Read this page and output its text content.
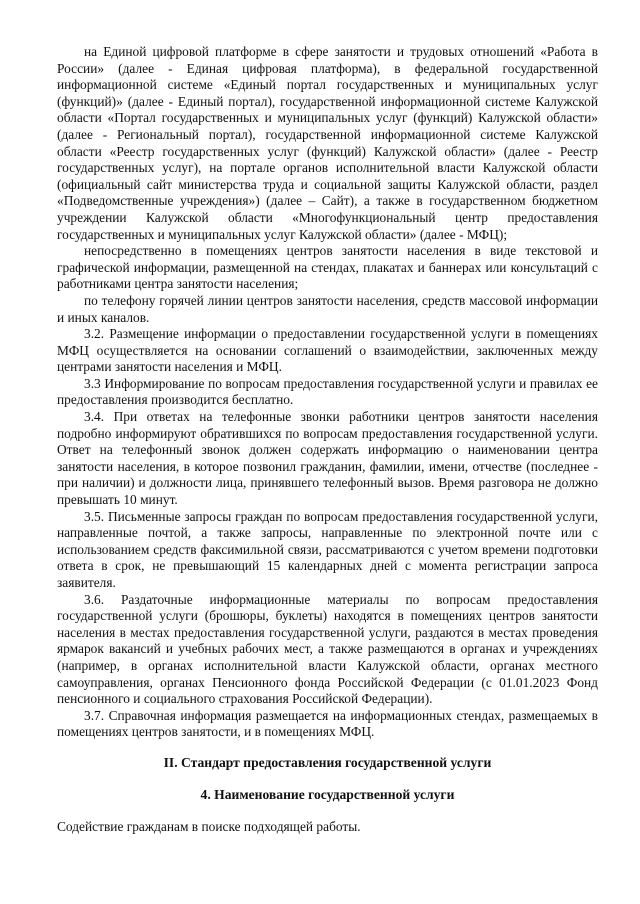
на Единой цифровой платформе в сфере занятости и трудовых отношений «Работа в России» (далее - Единая цифровая платформа), в федеральной государственной информационной системе «Единый портал государственных и муниципальных услуг (функций)» (далее - Единый портал), государственной информационной системе Калужской области «Портал государственных и муниципальных услуг (функций) Калужской области» (далее - Региональный портал), государственной информационной системе Калужской области «Реестр государственных услуг (функций) Калужской области» (далее - Реестр государственных услуг), на портале органов исполнительной власти Калужской области (официальный сайт министерства труда и социальной защиты Калужской области, раздел «Подведомственные учреждения») (далее – Сайт), а также в государственном бюджетном учреждении Калужской области «Многофункциональный центр предоставления государственных и муниципальных услуг Калужской области» (далее - МФЦ);

непосредственно в помещениях центров занятости населения в виде текстовой и графической информации, размещенной на стендах, плакатах и баннерах или консультаций с работниками центра занятости населения;

по телефону горячей линии центров занятости населения, средств массовой информации и иных каналов.

3.2. Размещение информации о предоставлении государственной услуги в помещениях МФЦ осуществляется на основании соглашений о взаимодействии, заключенных между центрами занятости населения и МФЦ.

3.3 Информирование по вопросам предоставления государственной услуги и правилах ее предоставления производится бесплатно.

3.4. При ответах на телефонные звонки работники центров занятости населения подробно информируют обратившихся по вопросам предоставления государственной услуги. Ответ на телефонный звонок должен содержать информацию о наименовании центра занятости населения, в которое позвонил гражданин, фамилии, имени, отчестве (последнее - при наличии) и должности лица, принявшего телефонный вызов. Время разговора не должно превышать 10 минут.

3.5. Письменные запросы граждан по вопросам предоставления государственной услуги, направленные почтой, а также запросы, направленные по электронной почте или с использованием средств факсимильной связи, рассматриваются с учетом времени подготовки ответа в срок, не превышающий 15 календарных дней с момента регистрации запроса заявителя.

3.6. Раздаточные информационные материалы по вопросам предоставления государственной услуги (брошюры, буклеты) находятся в помещениях центров занятости населения в местах предоставления государственной услуги, раздаются в местах проведения ярмарок вакансий и учебных рабочих мест, а также размещаются в органах и учреждениях (например, в органах исполнительной власти Калужской области, органах местного самоуправления, органах Пенсионного фонда Российской Федерации (с 01.01.2023 Фонд пенсионного и социального страхования Российской Федерации).

3.7. Справочная информация размещается на информационных стендах, размещаемых в помещениях центров занятости, и в помещениях МФЦ.

II. Стандарт предоставления государственной услуги
4. Наименование государственной услуги

Содействие гражданам в поиске подходящей работы.
